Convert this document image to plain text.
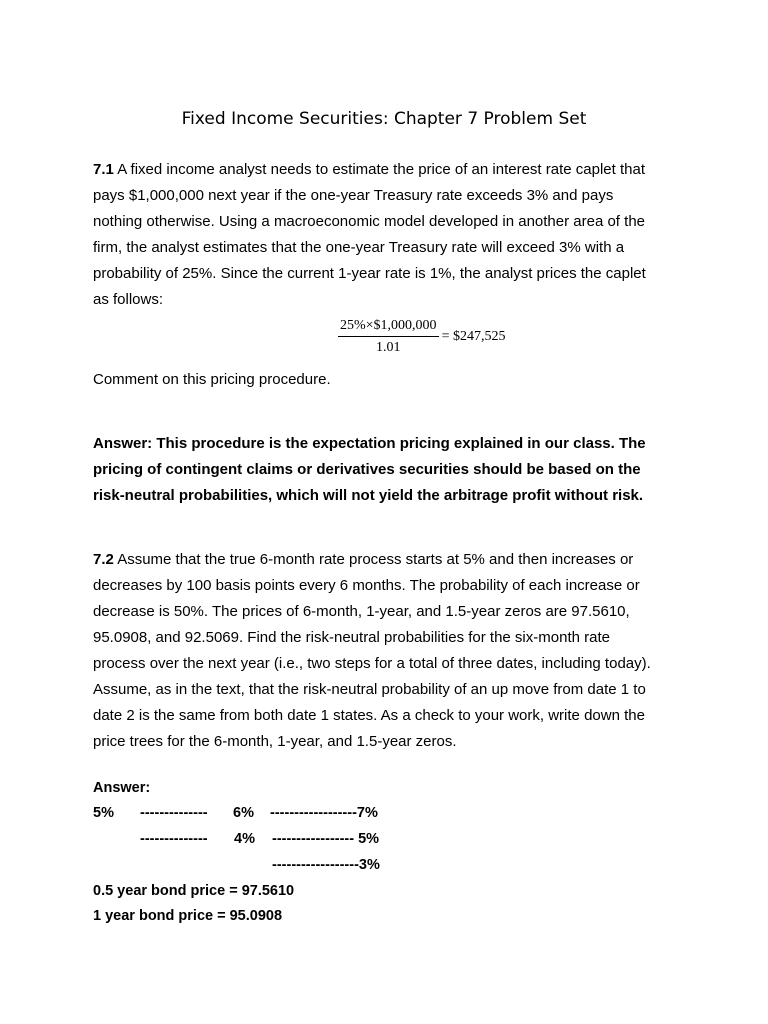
Fixed Income Securities: Chapter 7 Problem Set
7.1 A fixed income analyst needs to estimate the price of an interest rate caplet that
pays $1,000,000 next year if the one-year Treasury rate exceeds 3% and pays
nothing otherwise. Using a macroeconomic model developed in another area of the
firm, the analyst estimates that the one-year Treasury rate will exceed 3% with a
probability of 25%. Since the current 1-year rate is 1%, the analyst prices the caplet
as follows:
$\frac{25\%\times\$1,000,000}{1.01}$ = $247,525
Comment on this pricing procedure.
Answer: This procedure is the expectation pricing explained in our class. The
pricing of contingent claims or derivatives securities should be based on the
risk-neutral probabilities, which will not yield the arbitrage profit without risk.
7.2 Assume that the true 6-month rate process starts at 5% and then increases or
decreases by 100 basis points every 6 months. The probability of each increase or
decrease is 50%. The prices of 6-month, 1-year, and 1.5-year zeros are 97.5610,
95.0908, and 92.5069. Find the risk-neutral probabilities for the six-month rate
process over the next year (i.e., two steps for a total of three dates, including today).
Assume, as in the text, that the risk-neutral probability of an up move from date 1 to
date 2 is the same from both date 1 states. As a check to your work, write down the
price trees for the 6-month, 1-year, and 1.5-year zeros.
Answer:
5% -------------- 6% ------------------7%
-------------- 4% ----------------- 5%
------------------3%
0.5 year bond price = 97.5610
1 year bond price = 95.0908
